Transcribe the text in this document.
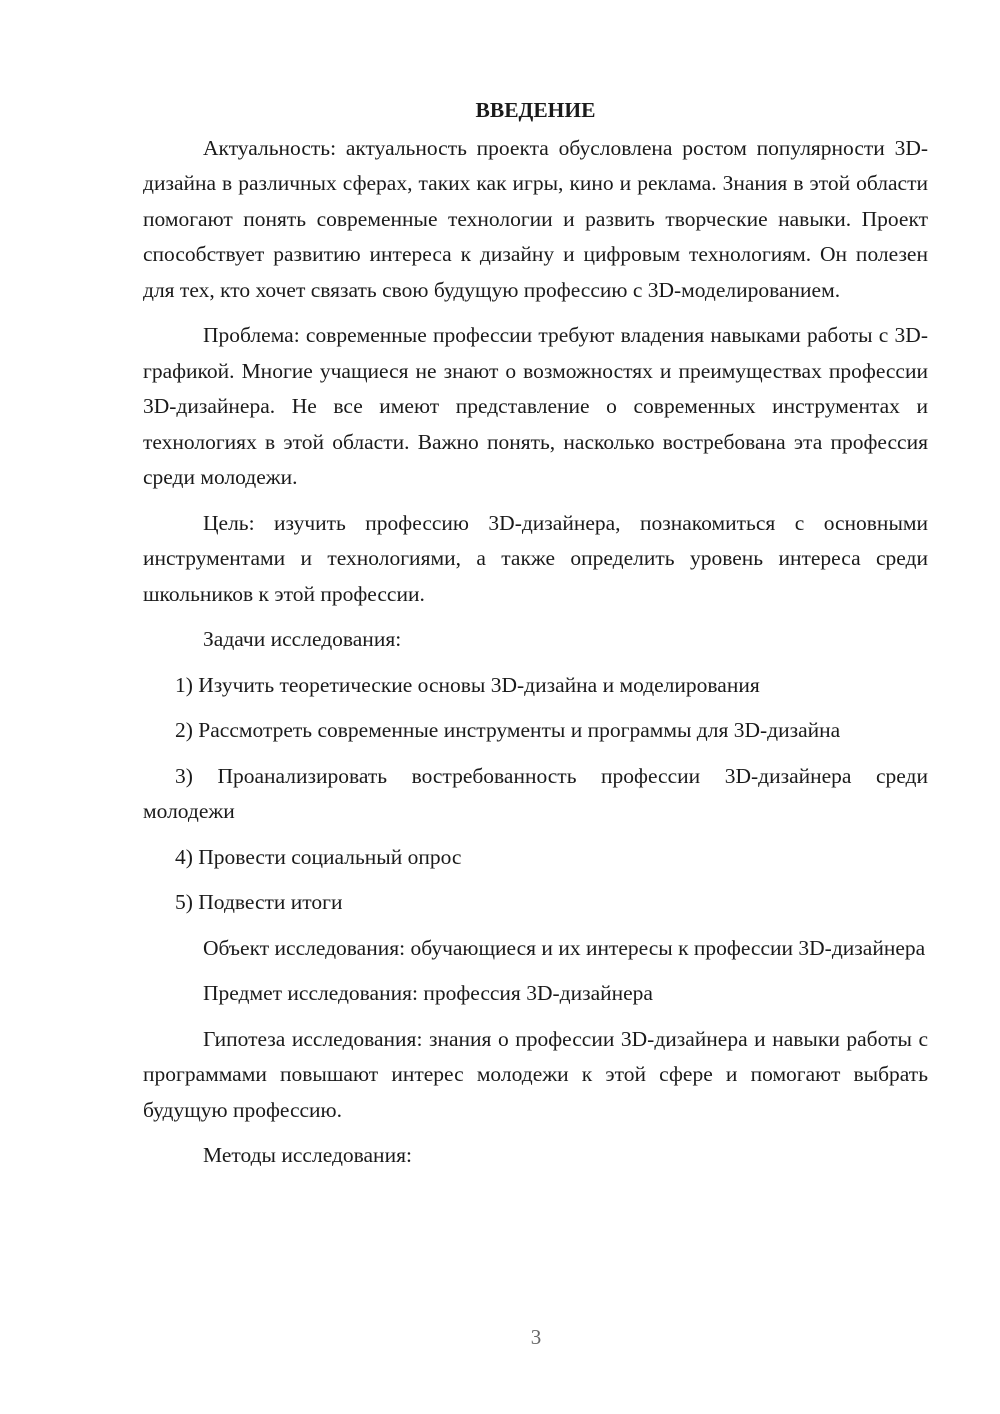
ВВЕДЕНИЕ

Актуальность: актуальность проекта обусловлена ростом популярности 3D-дизайна в различных сферах, таких как игры, кино и реклама. Знания в этой области помогают понять современные технологии и развить творческие навыки. Проект способствует развитию интереса к дизайну и цифровым технологиям. Он полезен для тех, кто хочет связать свою будущую профессию с 3D-моделированием.

Проблема: современные профессии требуют владения навыками работы с 3D-графикой. Многие учащиеся не знают о возможностях и преимуществах профессии 3D-дизайнера. Не все имеют представление о современных инструментах и технологиях в этой области. Важно понять, насколько востребована эта профессия среди молодежи.

Цель: изучить профессию 3D-дизайнера, познакомиться с основными инструментами и технологиями, а также определить уровень интереса среди школьников к этой профессии.

Задачи исследования:

1) Изучить теоретические основы 3D-дизайна и моделирования

2) Рассмотреть современные инструменты и программы для 3D-дизайна

3) Проанализировать востребованность профессии 3D-дизайнера среди молодежи

4) Провести социальный опрос

5) Подвести итоги

Объект исследования: обучающиеся и их интересы к профессии 3D-дизайнера

Предмет исследования: профессия 3D-дизайнера

Гипотеза исследования: знания о профессии 3D-дизайнера и навыки работы с программами повышают интерес молодежи к этой сфере и помогают выбрать будущую профессию.

Методы исследования:

3
